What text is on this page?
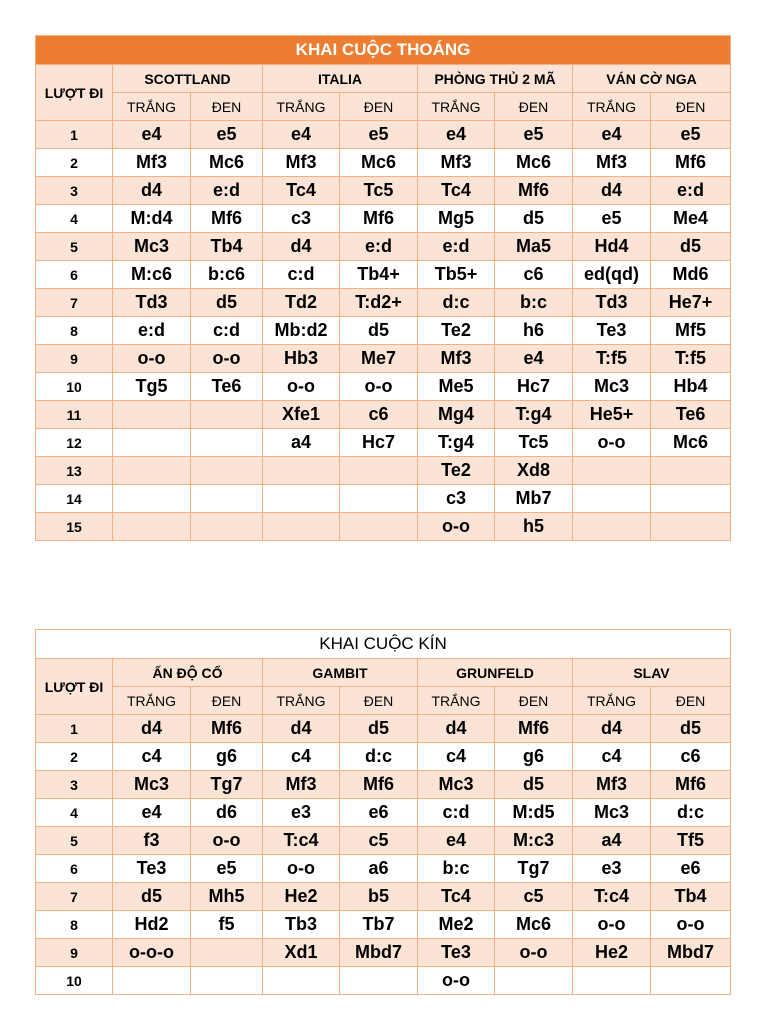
KHAI CUỘC THOÁNG								
LƯỢT ĐI	SCOTTLAND		ITALIA		PHÒNG THỦ 2 MÃ		VÁN CỜ NGA	
	TRẮNG	ĐEN	TRẮNG	ĐEN	TRẮNG	ĐEN	TRẮNG	ĐEN
1	e4	e5	e4	e5	e4	e5	e4	e5
2	Mf3	Mc6	Mf3	Mc6	Mf3	Mc6	Mf3	Mf6
3	d4	e:d	Tc4	Tc5	Tc4	Mf6	d4	e:d
4	M:d4	Mf6	c3	Mf6	Mg5	d5	e5	Me4
5	Mc3	Tb4	d4	e:d	e:d	Ma5	Hd4	d5
6	M:c6	b:c6	c:d	Tb4+	Tb5+	c6	ed(qd)	Md6
7	Td3	d5	Td2	T:d2+	d:c	b:c	Td3	He7+
8	e:d	c:d	Mb:d2	d5	Te2	h6	Te3	Mf5
9	o-o	o-o	Hb3	Me7	Mf3	e4	T:f5	T:f5
10	Tg5	Te6	o-o	o-o	Me5	Hc7	Mc3	Hb4
11			Xfe1	c6	Mg4	T:g4	He5+	Te6
12			a4	Hc7	T:g4	Tc5	o-o	Mc6
13					Te2	Xd8		
14					c3	Mb7		
15					o-o	h5		
KHAI CUỘC KÍN								
LƯỢT ĐI	ẤN ĐỘ CỔ		GAMBIT		GRUNFELD		SLAV	
	TRẮNG	ĐEN	TRẮNG	ĐEN	TRẮNG	ĐEN	TRẮNG	ĐEN
1	d4	Mf6	d4	d5	d4	Mf6	d4	d5
2	c4	g6	c4	d:c	c4	g6	c4	c6
3	Mc3	Tg7	Mf3	Mf6	Mc3	d5	Mf3	Mf6
4	e4	d6	e3	e6	c:d	M:d5	Mc3	d:c
5	f3	o-o	T:c4	c5	e4	M:c3	a4	Tf5
6	Te3	e5	o-o	a6	b:c	Tg7	e3	e6
7	d5	Mh5	He2	b5	Tc4	c5	T:c4	Tb4
8	Hd2	f5	Tb3	Tb7	Me2	Mc6	o-o	o-o
9	o-o-o		Xd1	Mbd7	Te3	o-o	He2	Mbd7
10					o-o			
